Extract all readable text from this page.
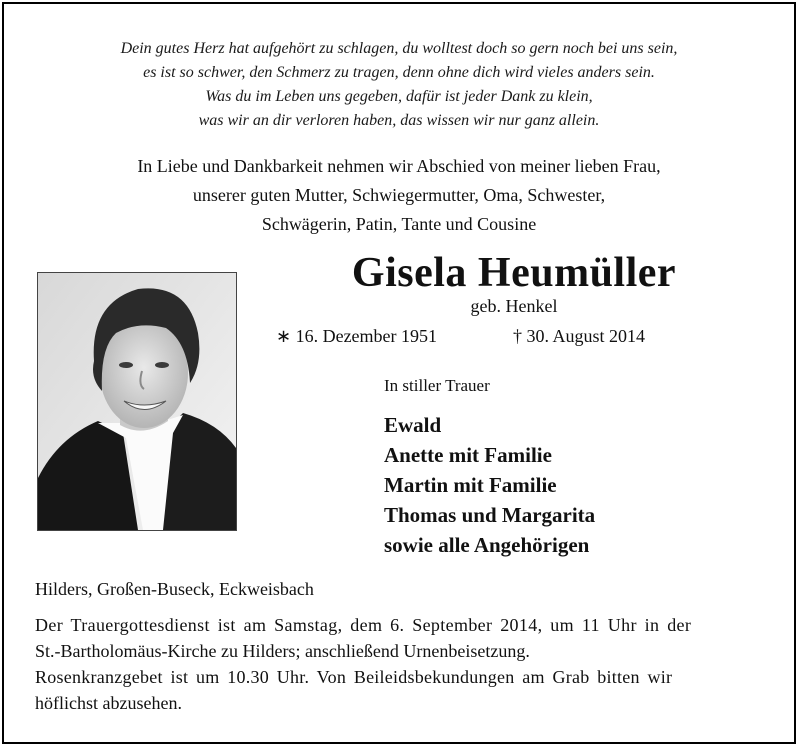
Dein gutes Herz hat aufgehört zu schlagen, du wolltest doch so gern noch bei uns sein,
es ist so schwer, den Schmerz zu tragen, denn ohne dich wird vieles anders sein.
Was du im Leben uns gegeben, dafür ist jeder Dank zu klein,
was wir an dir verloren haben, das wissen wir nur ganz allein.
In Liebe und Dankbarkeit nehmen wir Abschied von meiner lieben Frau,
unserer guten Mutter, Schwiegermutter, Oma, Schwester,
Schwägerin, Patin, Tante und Cousine
Gisela Heumüller
geb. Henkel
∗ 16. Dezember 1951	† 30. August 2014
In stiller Trauer
Ewald
Anette mit Familie
Martin mit Familie
Thomas und Margarita
sowie alle Angehörigen
Hilders, Großen-Buseck, Eckweisbach
Der Trauergottesdienst ist am Samstag, dem 6. September 2014, um 11 Uhr in der
St.-Bartholomäus-Kirche zu Hilders; anschließend Urnenbeisetzung.
Rosenkranzgebet ist um 10.30 Uhr. Von Beileidsbekundungen am Grab bitten wir
höflichst abzusehen.
